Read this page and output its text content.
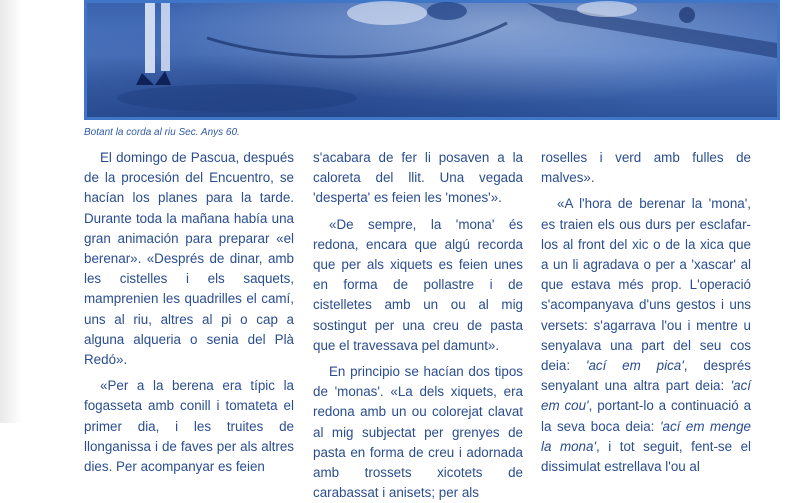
Botant la corda al riu Sec. Anys 60.

El domingo de Pascua, después de la procesión del Encuentro, se hacían los planes para la tarde. Durante toda la mañana había una gran animación para preparar «el berenar». «Després de dinar, amb les cistelles i els saquets, mamprenien les quadrilles el camí, uns al riu, altres al pi o cap a alguna alqueria o senia del Plà Redó».

«Per a la berena era típic la fogasseta amb conill i tomateta el primer dia, i les truites de llonganissa i de faves per als altres dies. Per acompanyar es feien

s'acabara de fer li posaven a la caloreta del llit. Una vegada 'desperta' es feien les 'mones'».

«De sempre, la 'mona' és redona, encara que algú recorda que per als xiquets es feien unes en forma de pollastre i de cistelletes amb un ou al mig sostingut per una creu de pasta que el travessava pel damunt».

En principio se hacían dos tipos de 'monas'. «La dels xiquets, era redona amb un ou colorejat clavat al mig subjectat per grenyes de pasta en forma de creu i adornada amb trossets xicotets de carabassat i anisets; per als

roselles i verd amb fulles de malves».

«A l'hora de berenar la 'mona', es traien els ous durs per esclafar-los al front del xic o de la xica que a un li agradava o per a 'xascar' al que estava més prop. L'operació s'acompanyava d'uns gestos i uns versets: s'agarrava l'ou i mentre u senyalava una part del seu cos deia: 'ací em pica', després senyalant una altra part deia: 'ací em cou', portant-lo a continuació a la seva boca deia: 'ací em menge la mona', i tot seguit, fent-se el dissimulat estrellava l'ou al
